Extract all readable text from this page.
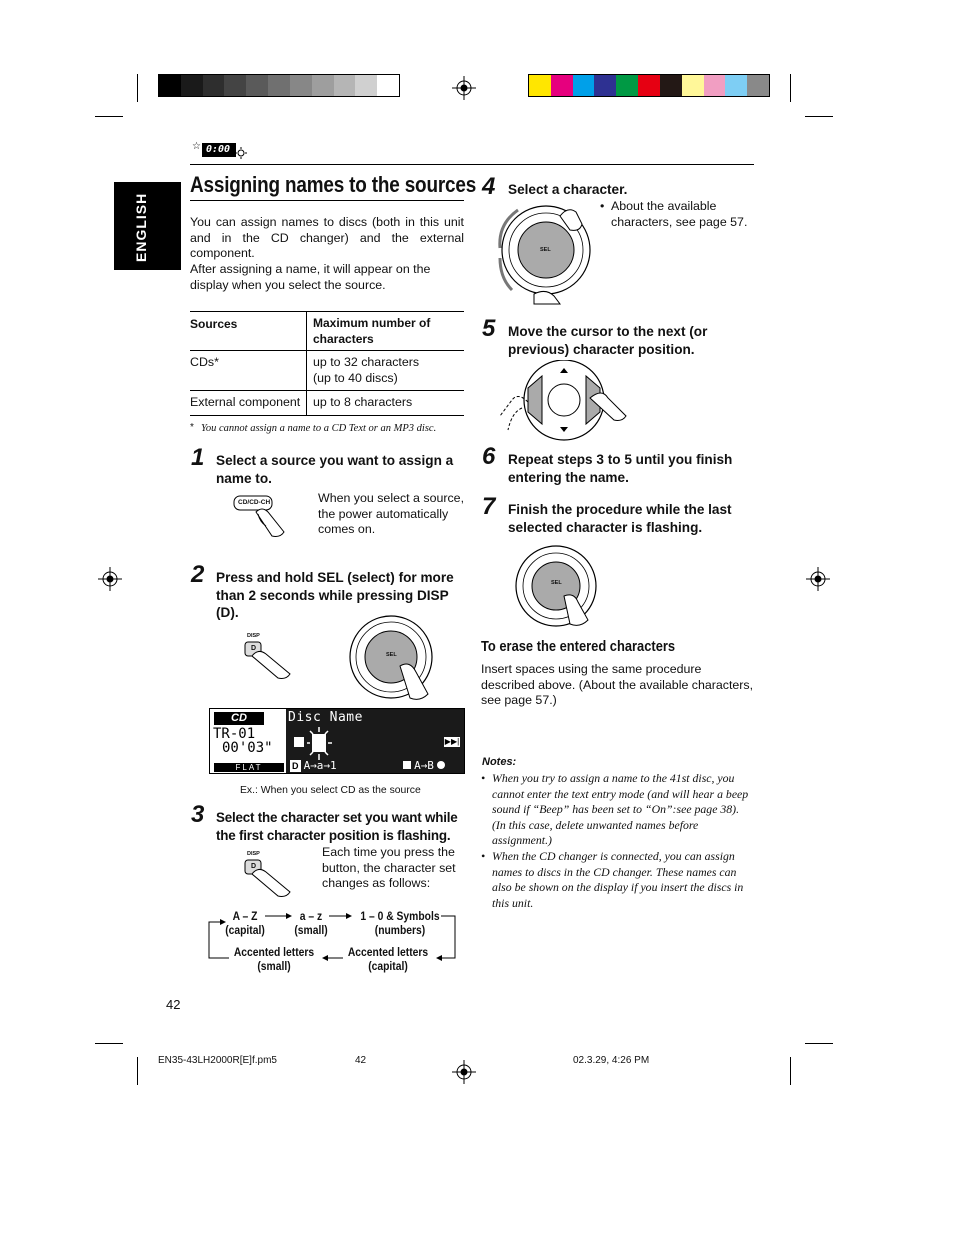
☆ 0:00
ENGLISH
Assigning names to the sources
You can assign names to discs (both in this unit and in the CD changer) and the external component.
After assigning a name, it will appear on the display when you select the source.
Sources	Maximum number of characters
CDs*	up to 32 characters (up to 40 discs)
External component	up to 8 characters
* You cannot assign a name to a CD Text or an MP3 disc.
1 Select a source you want to assign a name to.
CD/CD-CH	When you select a source, the power automatically comes on.
2 Press and hold SEL (select) for more than 2 seconds while pressing DISP (D).
DISP
D
SEL
CD
TR-01
00'03"
FLAT
Disc Name
▶▶|
D A→a→1	A→B
Ex.: When you select CD as the source
3 Select the character set you want while the first character position is flashing.
DISP
D
Each time you press the button, the character set changes as follows:
A – Z
(capital)
a – z
(small)
1 – 0 & Symbols
(numbers)
Accented letters
(small)
Accented letters
(capital)
4 Select a character.
• About the available characters, see page 57.
SEL
5 Move the cursor to the next (or previous) character position.
6 Repeat steps 3 to 5 until you finish entering the name.
7 Finish the procedure while the last selected character is flashing.
SEL
To erase the entered characters
Insert spaces using the same procedure described above. (About the available characters, see page 57.)
Notes:
• When you try to assign a name to the 41st disc, you cannot enter the text entry mode (and will hear a beep sound if “Beep” has been set to “On”:see page 38). (In this case, delete unwanted names before assignment.)
• When the CD changer is connected, you can assign names to discs in the CD changer. These names can also be shown on the display if you insert the discs in this unit.
42
EN35-43LH2000R[E]f.pm5	42	02.3.29, 4:26 PM
